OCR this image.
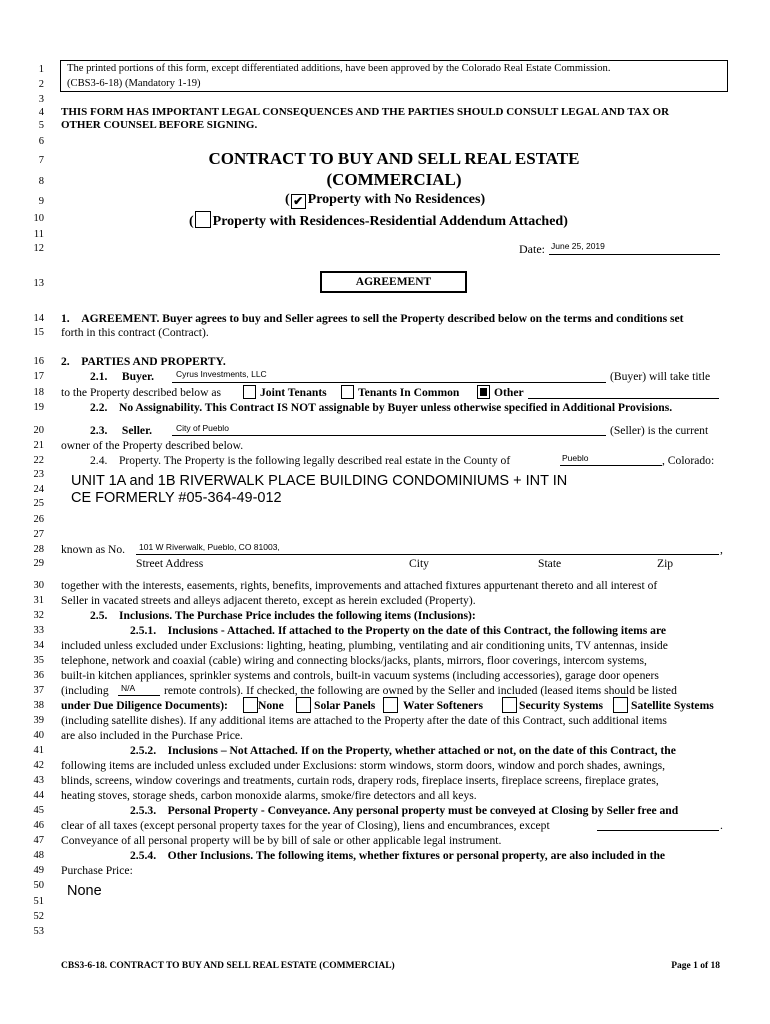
1
2
3
4
5
6
7
8
9
10
11
12
13
14
15
16
17
18
19
20
21
22
23
24
25
26
27
28
29
30
31
32
33
34
35
36
37
38
39
40
41
42
43
44
45
46
47
48
49
50
51
52
53
The printed portions of this form, except differentiated additions, have been approved by the Colorado Real Estate Commission.
(CBS3-6-18) (Mandatory 1-19)
THIS FORM HAS IMPORTANT LEGAL CONSEQUENCES AND THE PARTIES SHOULD CONSULT LEGAL AND TAX OR
OTHER COUNSEL BEFORE SIGNING.
CONTRACT TO BUY AND SELL REAL ESTATE
(COMMERCIAL)
( ✔ Property with No Residences)
( Property with Residences-Residential Addendum Attached)
Date: June 25, 2019
AGREEMENT
1.    AGREEMENT. Buyer agrees to buy and Seller agrees to sell the Property described below on the terms and conditions set
forth in this contract (Contract).
2.    PARTIES AND PROPERTY.
2.1.     Buyer.	Cyrus Investments, LLC	(Buyer) will take title
to the Property described below as	Joint Tenants	Tenants In Common	Other
2.2.    No Assignability. This Contract IS NOT assignable by Buyer unless otherwise specified in Additional Provisions.
2.3.     Seller.	City of Pueblo	(Seller) is the current
owner of the Property described below.
2.4.    Property. The Property is the following legally described real estate in the County of	Pueblo	, Colorado:
UNIT 1A and 1B RIVERWALK PLACE BUILDING CONDOMINIUMS + INT IN
CE FORMERLY #05-364-49-012
known as No. 101 W Riverwalk, Pueblo, CO 81003,	,
Street Address	City	State	Zip
together with the interests, easements, rights, benefits, improvements and attached fixtures appurtenant thereto and all interest of
Seller in vacated streets and alleys adjacent thereto, except as herein excluded (Property).
2.5.    Inclusions. The Purchase Price includes the following items (Inclusions):
2.5.1.    Inclusions - Attached. If attached to the Property on the date of this Contract, the following items are
included unless excluded under Exclusions: lighting, heating, plumbing, ventilating and air conditioning units, TV antennas, inside
telephone, network and coaxial (cable) wiring and connecting blocks/jacks, plants, mirrors, floor coverings, intercom systems,
built-in kitchen appliances, sprinkler systems and controls, built-in vacuum systems (including accessories), garage door openers
(including N/A remote controls). If checked, the following are owned by the Seller and included (leased items should be listed
under Due Diligence Documents):	None	Solar Panels Water Softeners	Security Systems Satellite Systems
(including satellite dishes). If any additional items are attached to the Property after the date of this Contract, such additional items
are also included in the Purchase Price.
2.5.2.    Inclusions – Not Attached. If on the Property, whether attached or not, on the date of this Contract, the
following items are included unless excluded under Exclusions: storm windows, storm doors, window and porch shades, awnings,
blinds, screens, window coverings and treatments, curtain rods, drapery rods, fireplace inserts, fireplace screens, fireplace grates,
heating stoves, storage sheds, carbon monoxide alarms, smoke/fire detectors and all keys.
2.5.3.    Personal Property - Conveyance. Any personal property must be conveyed at Closing by Seller free and
clear of all taxes (except personal property taxes for the year of Closing), liens and encumbrances, except	.
Conveyance of all personal property will be by bill of sale or other applicable legal instrument.
2.5.4.    Other Inclusions. The following items, whether fixtures or personal property, are also included in the
Purchase Price:
None
CBS3-6-18. CONTRACT TO BUY AND SELL REAL ESTATE (COMMERCIAL)	Page 1 of 18
